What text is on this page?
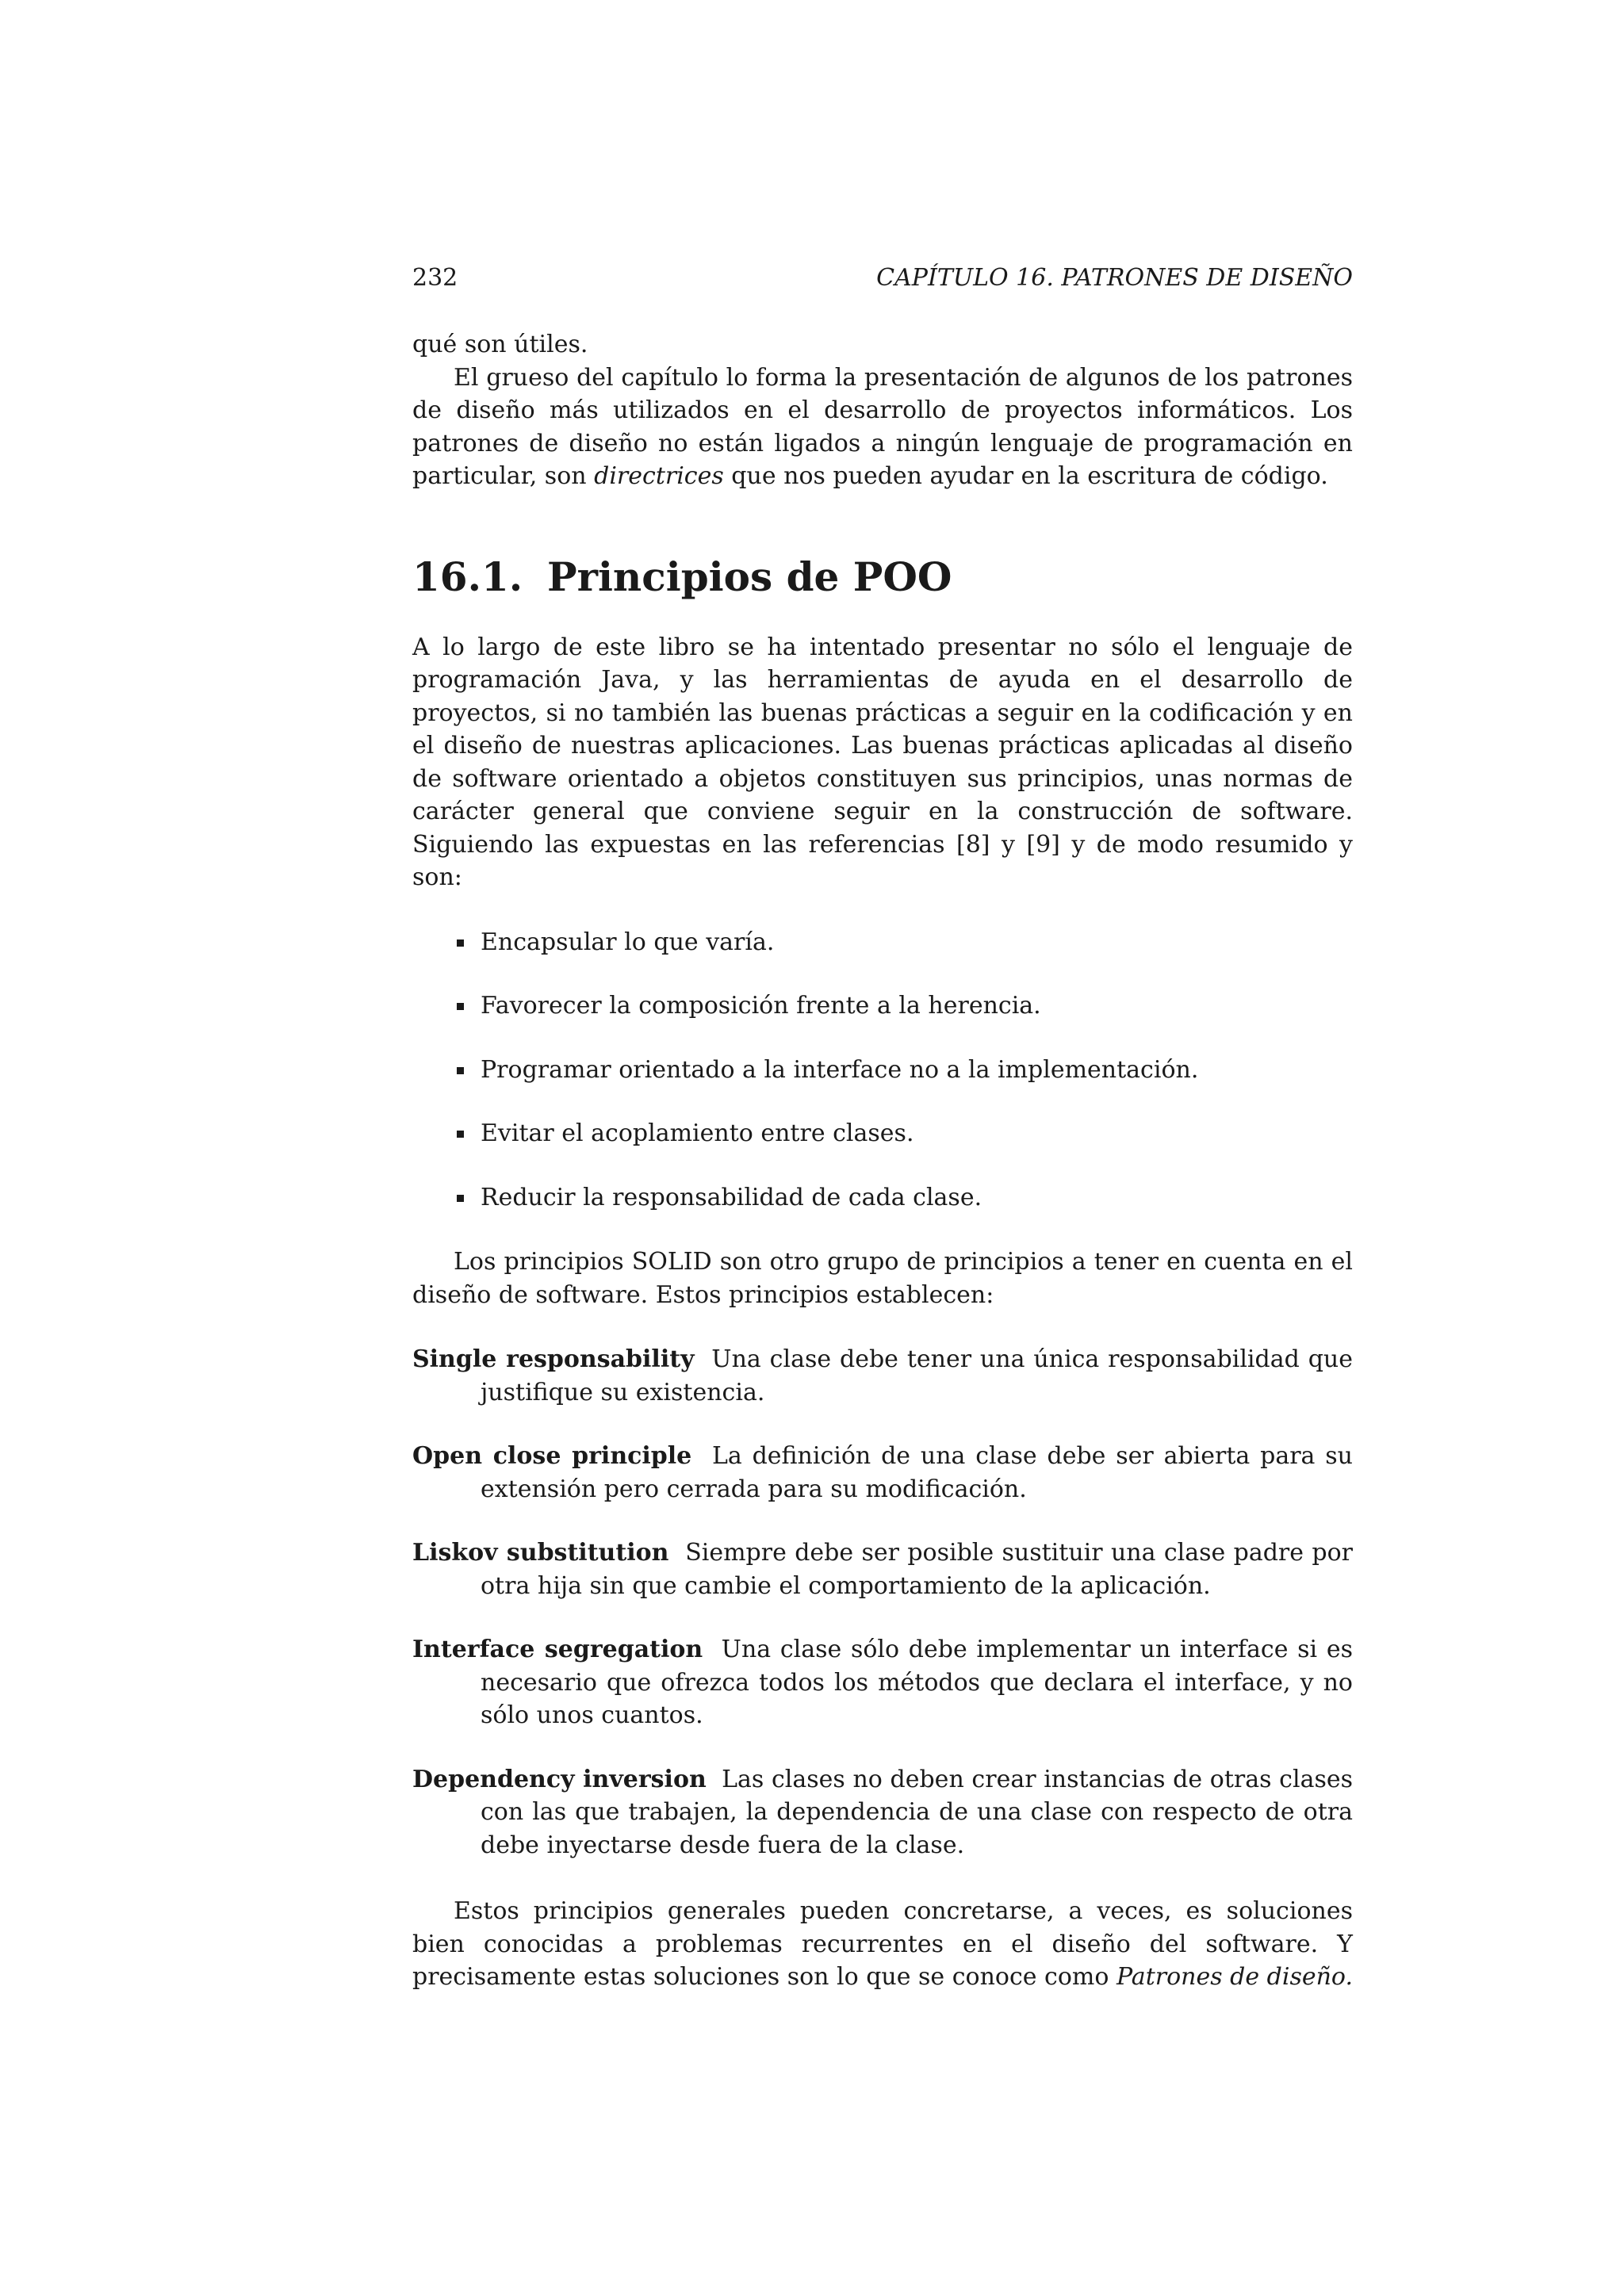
232	CAPÍTULO 16. PATRONES DE DISEÑO

qué son útiles.

El grueso del capítulo lo forma la presentación de algunos de los patrones de diseño más utilizados en el desarrollo de proyectos informáticos. Los patrones de diseño no están ligados a ningún lenguaje de programación en particular, son directrices que nos pueden ayudar en la escritura de código.

16.1. Principios de POO

A lo largo de este libro se ha intentado presentar no sólo el lenguaje de programación Java, y las herramientas de ayuda en el desarrollo de proyectos, si no también las buenas prácticas a seguir en la codificación y en el diseño de nuestras aplicaciones. Las buenas prácticas aplicadas al diseño de software orientado a objetos constituyen sus principios, unas normas de carácter general que conviene seguir en la construcción de software. Siguiendo las expuestas en las referencias [8] y [9] y de modo resumido y son:

Encapsular lo que varía.
Favorecer la composición frente a la herencia.
Programar orientado a la interface no a la implementación.
Evitar el acoplamiento entre clases.
Reducir la responsabilidad de cada clase.

Los principios SOLID son otro grupo de principios a tener en cuenta en el diseño de software. Estos principios establecen:

Single responsability Una clase debe tener una única responsabilidad que justifique su existencia.
Open close principle La definición de una clase debe ser abierta para su extensión pero cerrada para su modificación.
Liskov substitution Siempre debe ser posible sustituir una clase padre por otra hija sin que cambie el comportamiento de la aplicación.
Interface segregation Una clase sólo debe implementar un interface si es necesario que ofrezca todos los métodos que declara el interface, y no sólo unos cuantos.
Dependency inversion Las clases no deben crear instancias de otras clases con las que trabajen, la dependencia de una clase con respecto de otra debe inyectarse desde fuera de la clase.

Estos principios generales pueden concretarse, a veces, es soluciones bien conocidas a problemas recurrentes en el diseño del software. Y precisamente estas soluciones son lo que se conoce como Patrones de diseño.
